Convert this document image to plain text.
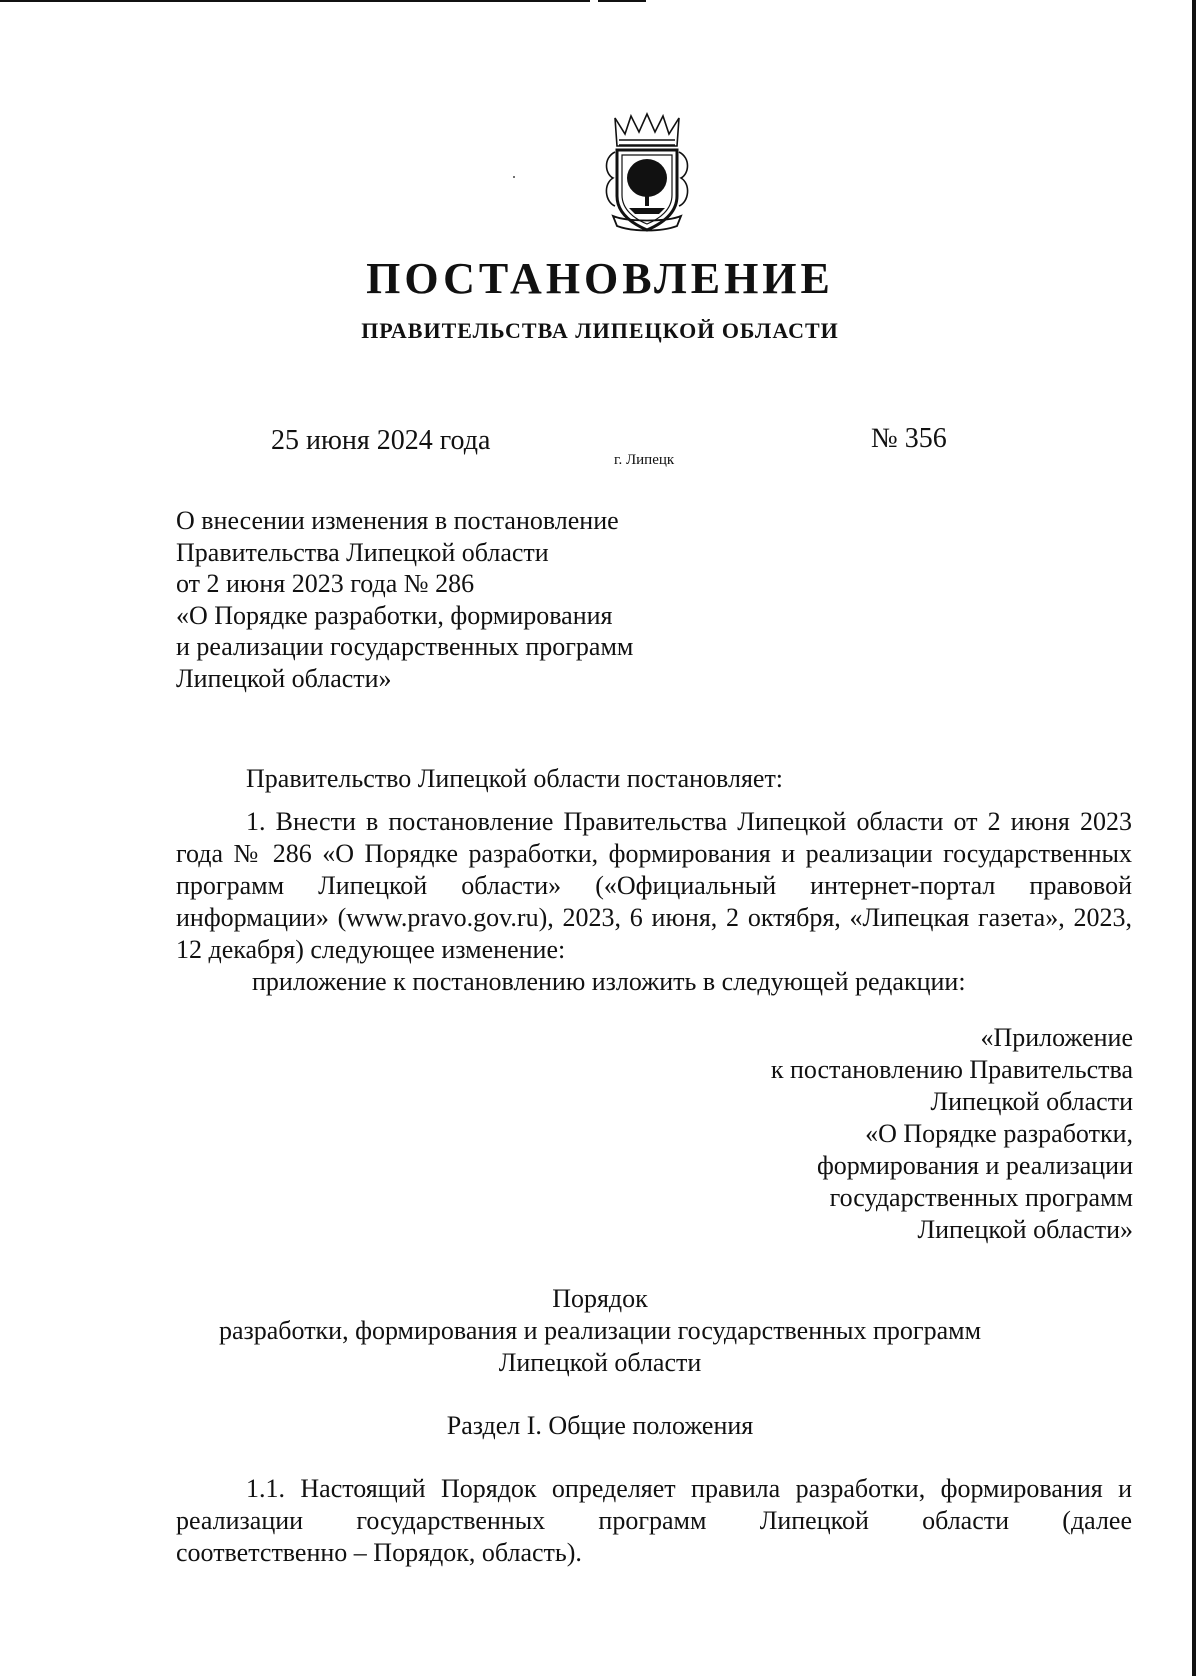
ПОСТАНОВЛЕНИЕ
ПРАВИТЕЛЬСТВА ЛИПЕЦКОЙ ОБЛАСТИ
25 июня 2024 года
г. Липецк
№ 356
О внесении изменения в постановление
Правительства Липецкой области
от 2 июня 2023 года № 286
«О Порядке разработки, формирования
и реализации государственных программ
Липецкой области»
Правительство Липецкой области постановляет:
1. Внести в постановление Правительства Липецкой области от 2 июня 2023 года № 286 «О Порядке разработки, формирования и реализации государственных программ Липецкой области» («Официальный интернет-портал правовой информации» (www.pravo.gov.ru), 2023, 6 июня, 2 октября, «Липецкая газета», 2023, 12 декабря) следующее изменение:
приложение к постановлению изложить в следующей редакции:
«Приложение
к постановлению Правительства
Липецкой области
«О Порядке разработки,
формирования и реализации
государственных программ
Липецкой области»
Порядок
разработки, формирования и реализации государственных программ
Липецкой области
Раздел I. Общие положения
1.1. Настоящий Порядок определяет правила разработки, формирования и
реализации государственных программ Липецкой области (далее
соответственно – Порядок, область).
